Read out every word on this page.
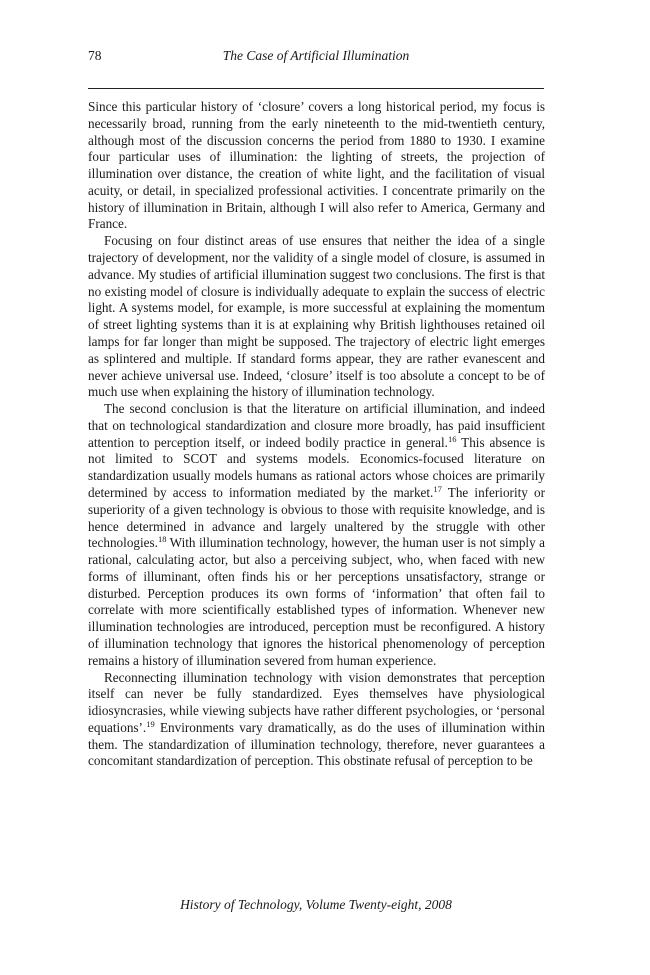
78	The Case of Artificial Illumination

Since this particular history of ‘closure’ covers a long historical period, my focus is necessarily broad, running from the early nineteenth to the mid-twentieth century, although most of the discussion concerns the period from 1880 to 1930. I examine four particular uses of illumination: the lighting of streets, the projection of illumination over distance, the creation of white light, and the facilitation of visual acuity, or detail, in specialized professional activities. I concentrate primarily on the history of illumination in Britain, although I will also refer to America, Germany and France.

Focusing on four distinct areas of use ensures that neither the idea of a single trajectory of development, nor the validity of a single model of closure, is assumed in advance. My studies of artificial illumination suggest two conclusions. The first is that no existing model of closure is individually adequate to explain the success of electric light. A systems model, for example, is more successful at explaining the momentum of street lighting systems than it is at explaining why British lighthouses retained oil lamps for far longer than might be supposed. The trajectory of electric light emerges as splintered and multiple. If standard forms appear, they are rather evanescent and never achieve universal use. Indeed, ‘closure’ itself is too absolute a concept to be of much use when explaining the history of illumination technology.

The second conclusion is that the literature on artificial illumination, and indeed that on technological standardization and closure more broadly, has paid insufficient attention to perception itself, or indeed bodily practice in general.$^{16}$ This absence is not limited to SCOT and systems models. Economics-focused literature on standardization usually models humans as rational actors whose choices are primarily determined by access to information mediated by the market.$^{17}$ The inferiority or superiority of a given technology is obvious to those with requisite knowledge, and is hence determined in advance and largely unaltered by the struggle with other technologies.$^{18}$ With illumination technology, however, the human user is not simply a rational, calculating actor, but also a perceiving subject, who, when faced with new forms of illuminant, often finds his or her perceptions unsatisfactory, strange or disturbed. Perception produces its own forms of ‘information’ that often fail to correlate with more scientifically established types of information. Whenever new illumination technologies are introduced, perception must be reconfigured. A history of illumination technology that ignores the historical phenomenology of perception remains a history of illumination severed from human experience.

Reconnecting illumination technology with vision demonstrates that perception itself can never be fully standardized. Eyes themselves have physiological idiosyncrasies, while viewing subjects have rather different psychologies, or ‘personal equations’.$^{19}$ Environments vary dramatically, as do the uses of illumination within them. The standardization of illumination technology, therefore, never guarantees a concomitant standardization of perception. This obstinate refusal of perception to be

History of Technology, Volume Twenty-eight, 2008
